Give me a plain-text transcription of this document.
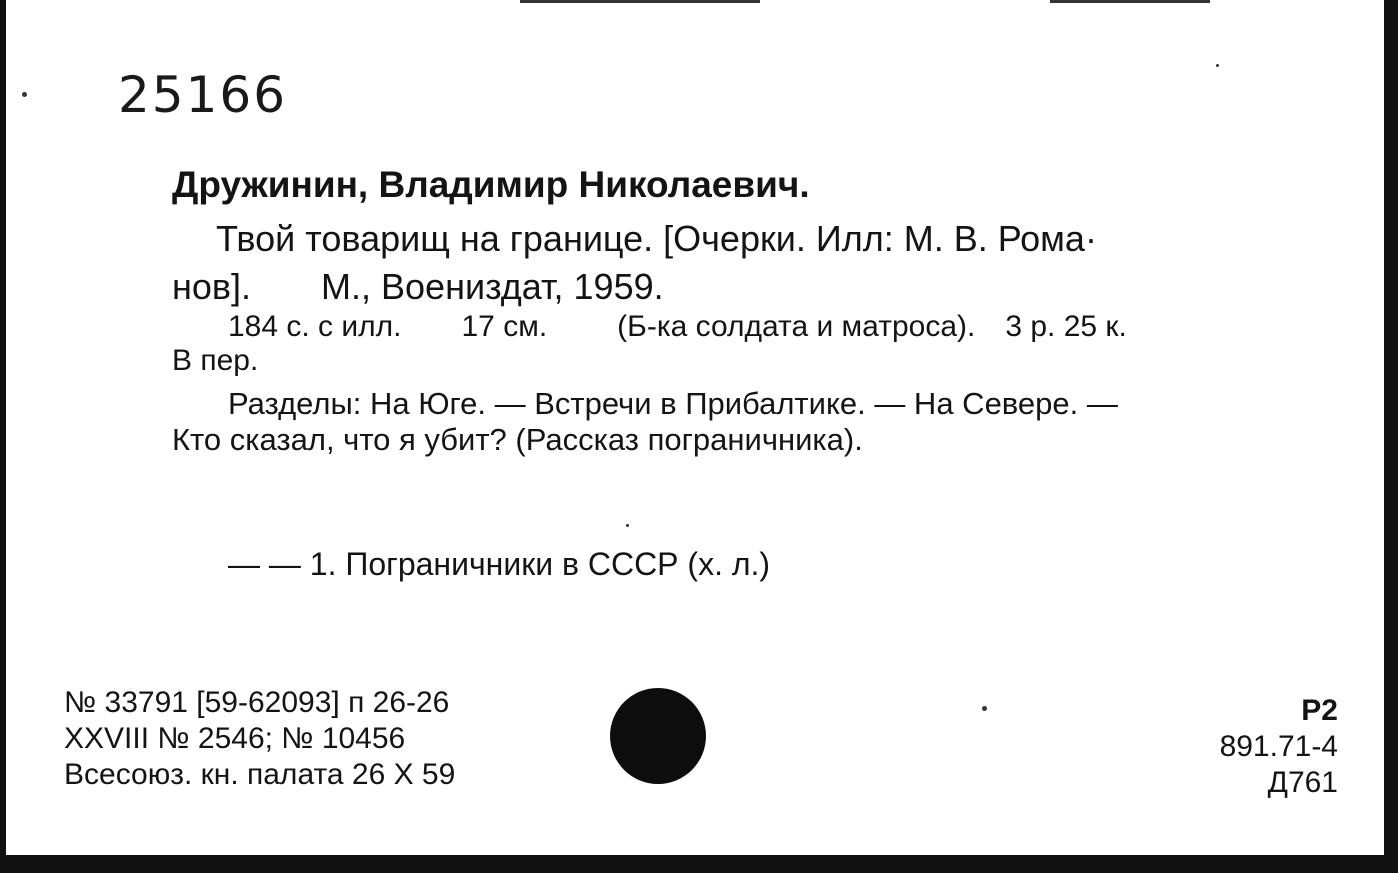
25166
Дружинин, Владимир Николаевич.
Твой товарищ на границе. [Очерки. Илл: М. В. Рома·
нов]. М., Воениздат, 1959.
184 с. с илл. 17 см. (Б-ка солдата и матроса). 3 р. 25 к.
В пер.
Разделы: На Юге. — Встречи в Прибалтике. — На Севере. —
Кто сказал, что я убит? (Рассказ пограничника).
— — 1. Пограничники в СССР (х. л.)
№ 33791 [59-62093] п 26-26
XXVIII № 2546; № 10456
Всесоюз. кн. палата 26 X 59
Р2
891.71-4
Д761
